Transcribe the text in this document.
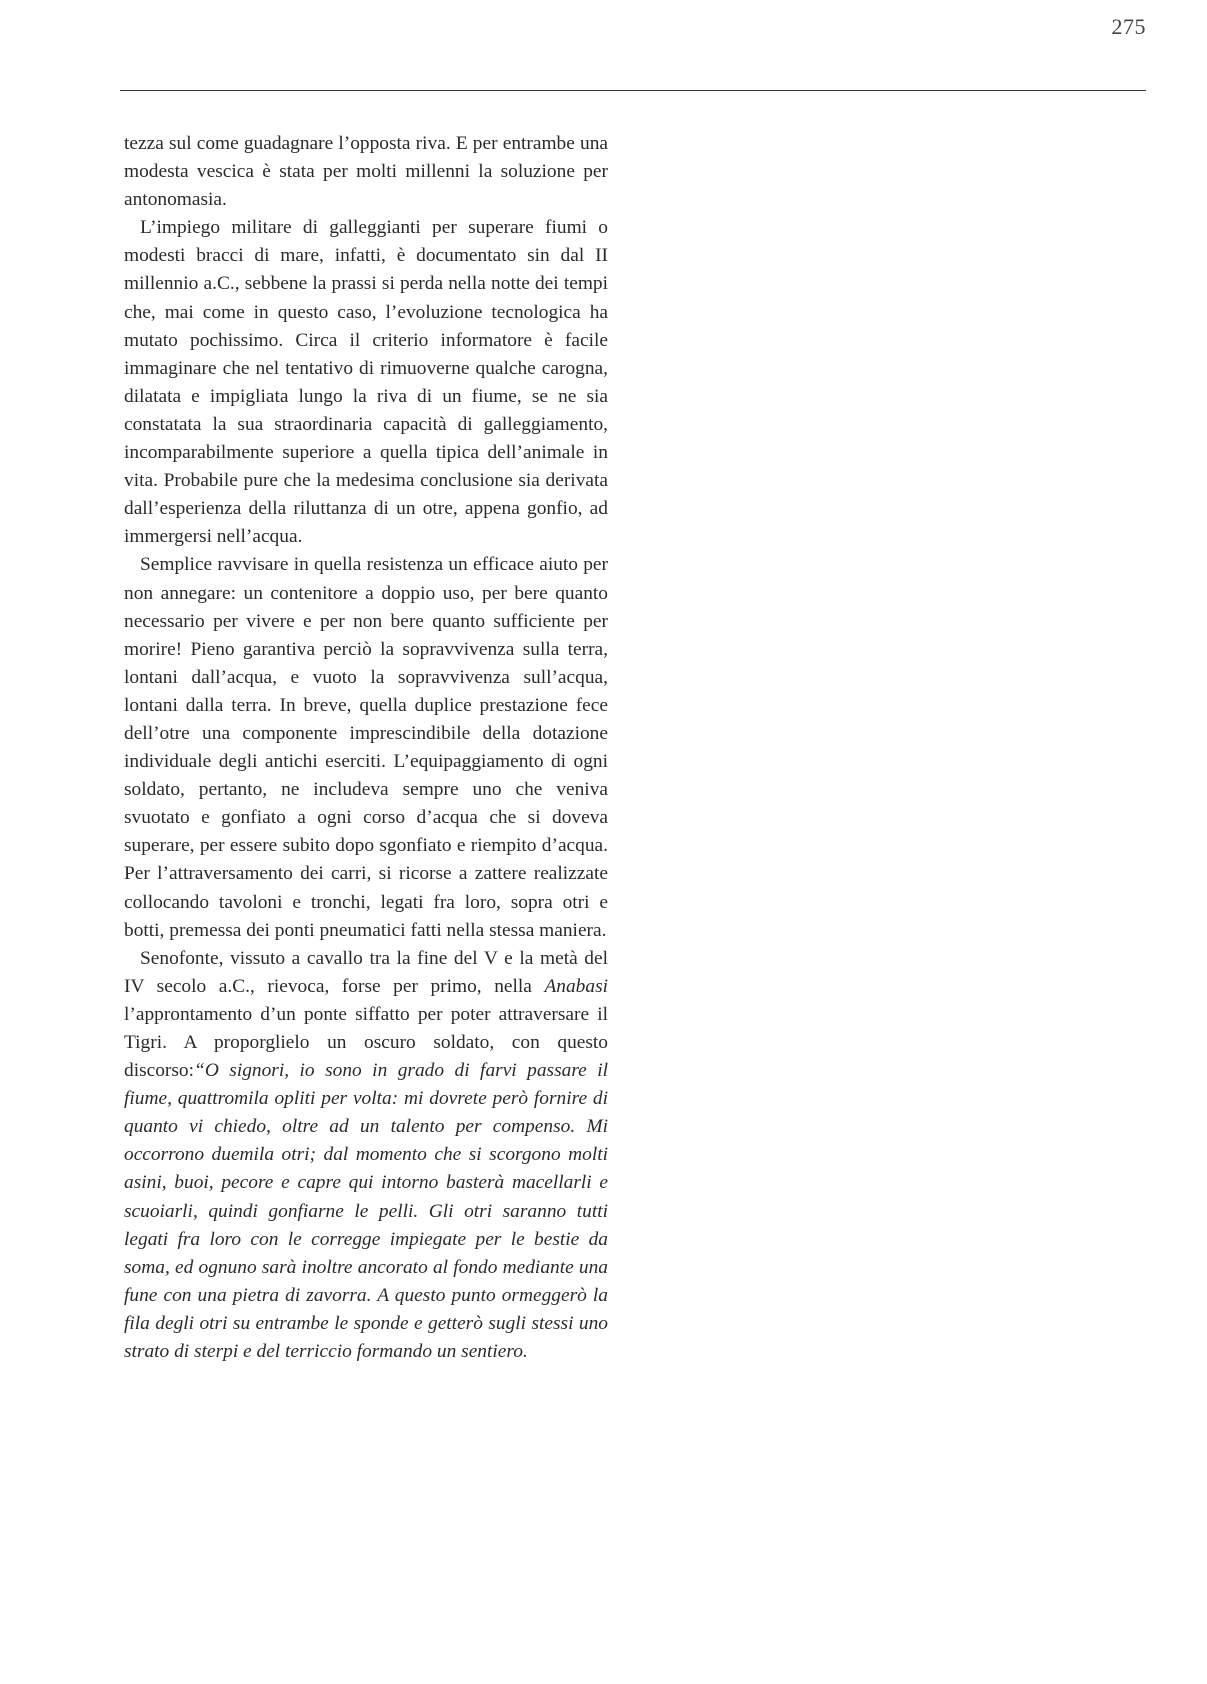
275

tezza sul come guadagnare l’opposta riva. E per entrambe una modesta vescica è stata per molti millenni la soluzione per antonomasia.

L’impiego militare di galleggianti per superare fiumi o modesti bracci di mare, infatti, è documentato sin dal II millennio a.C., sebbene la prassi si perda nella notte dei tempi che, mai come in questo caso, l’evoluzione tecnologica ha mutato pochissimo. Circa il criterio informatore è facile immaginare che nel tentativo di rimuoverne qualche carogna, dilatata e impigliata lungo la riva di un fiume, se ne sia constatata la sua straordinaria capacità di galleggiamento, incomparabilmente superiore a quella tipica dell’animale in vita. Probabile pure che la medesima conclusione sia derivata dall’esperienza della riluttanza di un otre, appena gonfio, ad immergersi nell’acqua.

Semplice ravvisare in quella resistenza un efficace aiuto per non annegare: un contenitore a doppio uso, per bere quanto necessario per vivere e per non bere quanto sufficiente per morire! Pieno garantiva perciò la sopravvivenza sulla terra, lontani dall’acqua, e vuoto la sopravvivenza sull’acqua, lontani dalla terra. In breve, quella duplice prestazione fece dell’otre una componente imprescindibile della dotazione individuale degli antichi eserciti. L’equipaggiamento di ogni soldato, pertanto, ne includeva sempre uno che veniva svuotato e gonfiato a ogni corso d’acqua che si doveva superare, per essere subito dopo sgonfiato e riempito d’acqua. Per l’attraversamento dei carri, si ricorse a zattere realizzate collocando tavoloni e tronchi, legati fra loro, sopra otri e botti, premessa dei ponti pneumatici fatti nella stessa maniera.

Senofonte, vissuto a cavallo tra la fine del V e la metà del IV secolo a.C., rievoca, forse per primo, nella Anabasi l’approntamento d’un ponte siffatto per poter attraversare il Tigri. A proporglielo un oscuro soldato, con questo discorso:“O signori, io sono in grado di farvi passare il fiume, quattromila opliti per volta: mi dovrete però fornire di quanto vi chiedo, oltre ad un talento per compenso. Mi occorrono duemila otri; dal momento che si scorgono molti asini, buoi, pecore e capre qui intorno basterà macellarli e scuoiarli, quindi gonfiarne le pelli. Gli otri saranno tutti legati fra loro con le corregge impiegate per le bestie da soma, ed ognuno sarà inoltre ancorato al fondo mediante una fune con una pietra di zavorra. A questo punto ormeggerò la fila degli otri su entrambe le sponde e getterò sugli stessi uno strato di sterpi e del terriccio formando un sentiero.
